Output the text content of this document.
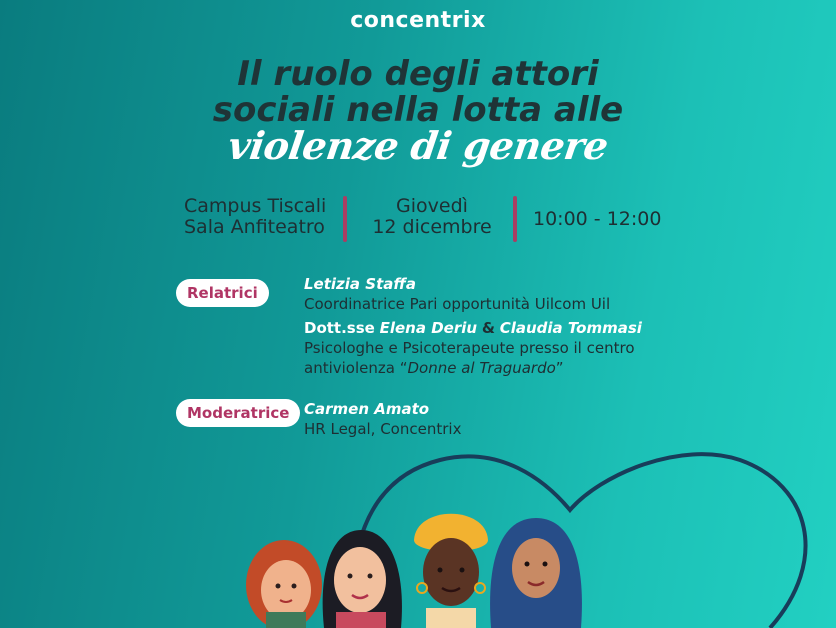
concentrix
Il ruolo degli attori
sociali nella lotta alle
violenze di genere
Campus Tiscali
Sala Anfiteatro
Giovedì
12 dicembre	10:00 - 12:00
Relatrici	Letizia Staffa
Coordinatrice Pari opportunità Uilcom Uil
Dott.sse Elena Deriu & Claudia Tommasi
Psicologhe e Psicoterapeute presso il centro
antiviolenza “Donne al Traguardo”
Moderatrice Carmen Amato
HR Legal, Concentrix
